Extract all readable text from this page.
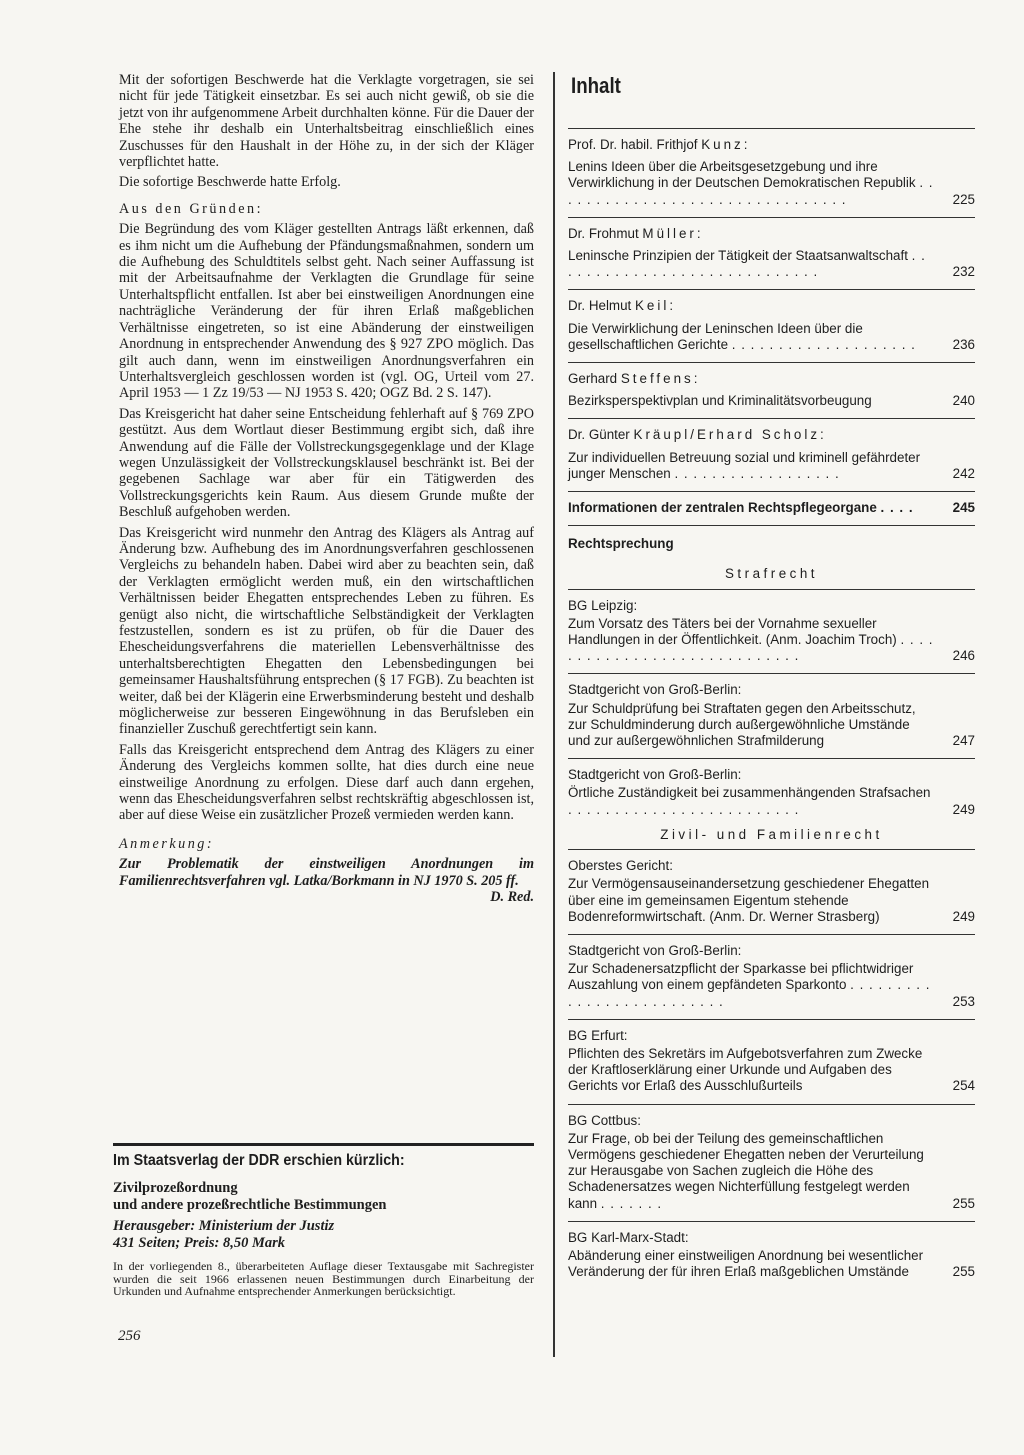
Mit der sofortigen Beschwerde hat die Verklagte vorgetragen, sie sei nicht für jede Tätigkeit einsetzbar. Es sei auch nicht gewiß, ob sie die jetzt von ihr aufgenommene Arbeit durchhalten könne. Für die Dauer der Ehe stehe ihr deshalb ein Unterhaltsbeitrag einschließlich eines Zuschusses für den Haushalt in der Höhe zu, in der sich der Kläger verpflichtet hatte.

Die sofortige Beschwerde hatte Erfolg.

Aus den Gründen:

Die Begründung des vom Kläger gestellten Antrags läßt erkennen, daß es ihm nicht um die Aufhebung der Pfändungsmaßnahmen, sondern um die Aufhebung des Schuldtitels selbst geht. Nach seiner Auffassung ist mit der Arbeitsaufnahme der Verklagten die Grundlage für seine Unterhaltspflicht entfallen. Ist aber bei einstweiligen Anordnungen eine nachträgliche Veränderung der für ihren Erlaß maßgeblichen Verhältnisse eingetreten, so ist eine Abänderung der einstweiligen Anordnung in entsprechender Anwendung des § 927 ZPO möglich. Das gilt auch dann, wenn im einstweiligen Anordnungsverfahren ein Unterhaltsvergleich geschlossen worden ist (vgl. OG, Urteil vom 27. April 1953 — 1 Zz 19/53 — NJ 1953 S. 420; OGZ Bd. 2 S. 147).

Das Kreisgericht hat daher seine Entscheidung fehlerhaft auf § 769 ZPO gestützt. Aus dem Wortlaut dieser Bestimmung ergibt sich, daß ihre Anwendung auf die Fälle der Vollstreckungsgegenklage und der Klage wegen Unzulässigkeit der Vollstreckungsklausel beschränkt ist. Bei der gegebenen Sachlage war aber für ein Tätigwerden des Vollstreckungsgerichts kein Raum. Aus diesem Grunde mußte der Beschluß aufgehoben werden.

Das Kreisgericht wird nunmehr den Antrag des Klägers als Antrag auf Änderung bzw. Aufhebung des im Anordnungsverfahren geschlossenen Vergleichs zu behandeln haben. Dabei wird aber zu beachten sein, daß der Verklagten ermöglicht werden muß, ein den wirtschaftlichen Verhältnissen beider Ehegatten entsprechendes Leben zu führen. Es genügt also nicht, die wirtschaftliche Selbständigkeit der Verklagten festzustellen, sondern es ist zu prüfen, ob für die Dauer des Ehescheidungsverfahrens die materiellen Lebensverhältnisse des unterhaltsberechtigten Ehegatten den Lebensbedingungen bei gemeinsamer Haushaltsführung entsprechen (§ 17 FGB). Zu beachten ist weiter, daß bei der Klägerin eine Erwerbsminderung besteht und deshalb möglicherweise zur besseren Eingewöhnung in das Berufsleben ein finanzieller Zuschuß gerechtfertigt sein kann.

Falls das Kreisgericht entsprechend dem Antrag des Klägers zu einer Änderung des Vergleichs kommen sollte, hat dies durch eine neue einstweilige Anordnung zu erfolgen. Diese darf auch dann ergehen, wenn das Ehescheidungsverfahren selbst rechtskräftig abgeschlossen ist, aber auf diese Weise ein zusätzlicher Prozeß vermieden werden kann.

Anmerkung:
Zur Problematik der einstweiligen Anordnungen im Familienrechtsverfahren vgl. Latka/Borkmann in NJ 1970 S. 205 ff.
D. Red.
Im Staatsverlag der DDR erschien kürzlich:
Zivilprozeßordnung
und andere prozeßrechtliche Bestimmungen
Herausgeber: Ministerium der Justiz
431 Seiten; Preis: 8,50 Mark
In der vorliegenden 8., überarbeiteten Auflage dieser Textausgabe mit Sachregister wurden die seit 1966 erlassenen neuen Bestimmungen durch Einarbeitung der Urkunden und Aufnahme entsprechender Anmerkungen berücksichtigt.
256
Inhalt
Prof. Dr. habil. Frithjof Kunz:
Lenins Ideen über die Arbeitsgesetzgebung und ihre Verwirklichung in der Deutschen Demokratischen Republik . . . . . . . . . . . . . . . . . . . . . . . . . . . . . . . .	225
Dr. Frohmut Müller:
Leninsche Prinzipien der Tätigkeit der Staatsanwaltschaft . . . . . . . . . . . . . . . . . . . . . . . . . . . . .	232
Dr. Helmut Keil:
Die Verwirklichung der Leninschen Ideen über die gesellschaftlichen Gerichte . . . . . . . . . . . . . . . . . . . .	236
Gerhard Steffens:
Bezirksperspektivplan und Kriminalitätsvorbeugung	240
Dr. Günter Kräupl/Erhard Scholz:
Zur individuellen Betreuung sozial und kriminell gefährdeter junger Menschen . . . . . . . . . . . . . . . . . .	242
Informationen der zentralen Rechtspflegeorgane . . . .	245
Rechtsprechung
Strafrecht
BG Leipzig:
Zum Vorsatz des Täters bei der Vornahme sexueller Handlungen in der Öffentlichkeit. (Anm. Joachim Troch) . . . . . . . . . . . . . . . . . . . . . . . . . . . . .	246
Stadtgericht von Groß-Berlin:
Zur Schuldprüfung bei Straftaten gegen den Arbeitsschutz, zur Schuldminderung durch außergewöhnliche Umstände und zur außergewöhnlichen Strafmilderung	247
Stadtgericht von Groß-Berlin:
Örtliche Zuständigkeit bei zusammenhängenden Strafsachen . . . . . . . . . . . . . . . . . . . . . . . . .	249
Zivil- und Familienrecht
Oberstes Gericht:
Zur Vermögensauseinandersetzung geschiedener Ehegatten über eine im gemeinsamen Eigentum stehende Bodenreformwirtschaft. (Anm. Dr. Werner Strasberg)	249
Stadtgericht von Groß-Berlin:
Zur Schadenersatzpflicht der Sparkasse bei pflichtwidriger Auszahlung von einem gepfändeten Sparkonto . . . . . . . . . . . . . . . . . . . . . . . . . .	253
BG Erfurt:
Pflichten des Sekretärs im Aufgebotsverfahren zum Zwecke der Kraftloserklärung einer Urkunde und Aufgaben des Gerichts vor Erlaß des Ausschlußurteils	254
BG Cottbus:
Zur Frage, ob bei der Teilung des gemeinschaftlichen Vermögens geschiedener Ehegatten neben der Verurteilung zur Herausgabe von Sachen zugleich die Höhe des Schadenersatzes wegen Nichterfüllung festgelegt werden kann . . . . . . .	255
BG Karl-Marx-Stadt:
Abänderung einer einstweiligen Anordnung bei wesentlicher Veränderung der für ihren Erlaß maßgeblichen Umstände	255
